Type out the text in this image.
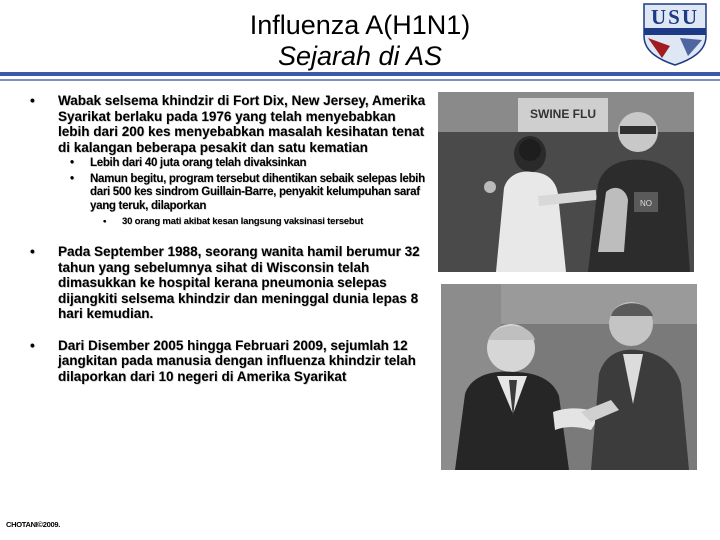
Influenza A(H1N1)
Sejarah di AS
USU
• Wabak selsema khindzir di Fort Dix, New Jersey, Amerika Syarikat berlaku pada 1976 yang telah menyebabkan lebih dari 200 kes menyebabkan masalah kesihatan tenat di kalangan beberapa pesakit dan satu kematian
• Lebih dari 40 juta orang telah divaksinkan
• Namun begitu, program tersebut dihentikan sebaik selepas lebih dari 500 kes sindrom Guillain-Barre, penyakit kelumpuhan saraf yang teruk, dilaporkan
• 30 orang mati akibat kesan langsung vaksinasi tersebut
• Pada September 1988, seorang wanita hamil berumur 32 tahun yang sebelumnya sihat di Wisconsin telah dimasukkan ke hospital kerana pneumonia selepas dijangkiti selsema khindzir dan meninggal dunia lepas 8 hari kemudian.
• Dari Disember 2005 hingga Februari 2009, sejumlah 12 jangkitan pada manusia dengan influenza khindzir telah dilaporkan dari 10 negeri di Amerika Syarikat
SWINE FLU
NO
CHOTANI©2009.
